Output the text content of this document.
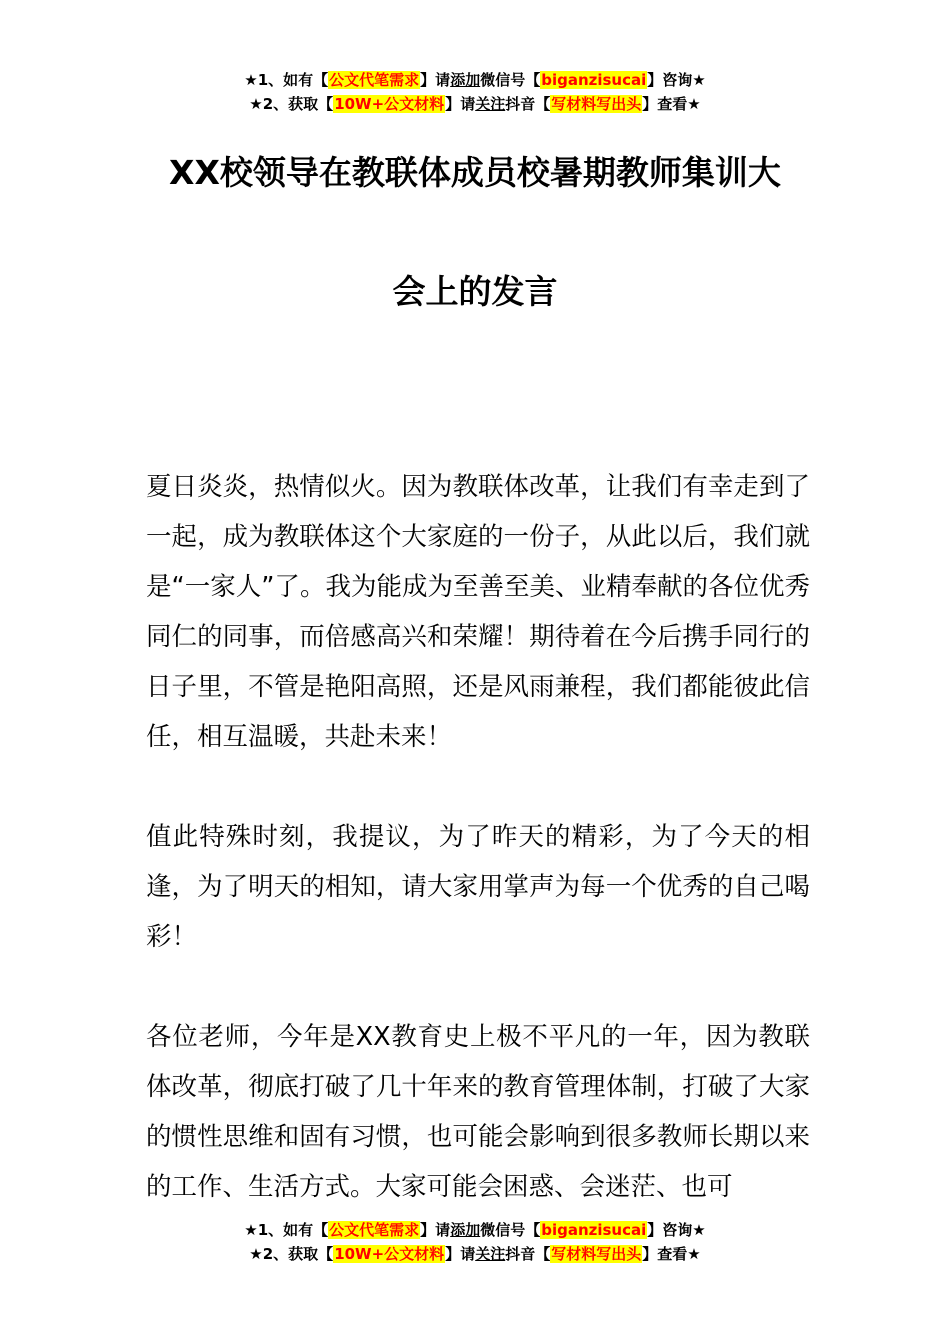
★1、如有【公文代笔需求】请添加微信号【biganzisucai】咨询★
★2、获取【10W+公文材料】请关注抖音【写材料写出头】查看★
XX校领导在教联体成员校暑期教师集训大
会上的发言

夏日炎炎，热情似火。因为教联体改革，让我们有幸走到了一起，成为教联体这个大家庭的一份子，从此以后，我们就是“一家人”了。我为能成为至善至美、业精奉献的各位优秀同仁的同事，而倍感高兴和荣耀！期待着在今后携手同行的日子里，不管是艳阳高照，还是风雨兼程，我们都能彼此信任，相互温暖，共赴未来！

值此特殊时刻，我提议，为了昨天的精彩，为了今天的相逢，为了明天的相知，请大家用掌声为每一个优秀的自己喝彩！

各位老师，今年是XX教育史上极不平凡的一年，因为教联体改革，彻底打破了几十年来的教育管理体制，打破了大家的惯性思维和固有习惯，也可能会影响到很多教师长期以来的工作、生活方式。大家可能会困惑、会迷茫、也可

★1、如有【公文代笔需求】请添加微信号【biganzisucai】咨询★
★2、获取【10W+公文材料】请关注抖音【写材料写出头】查看★
